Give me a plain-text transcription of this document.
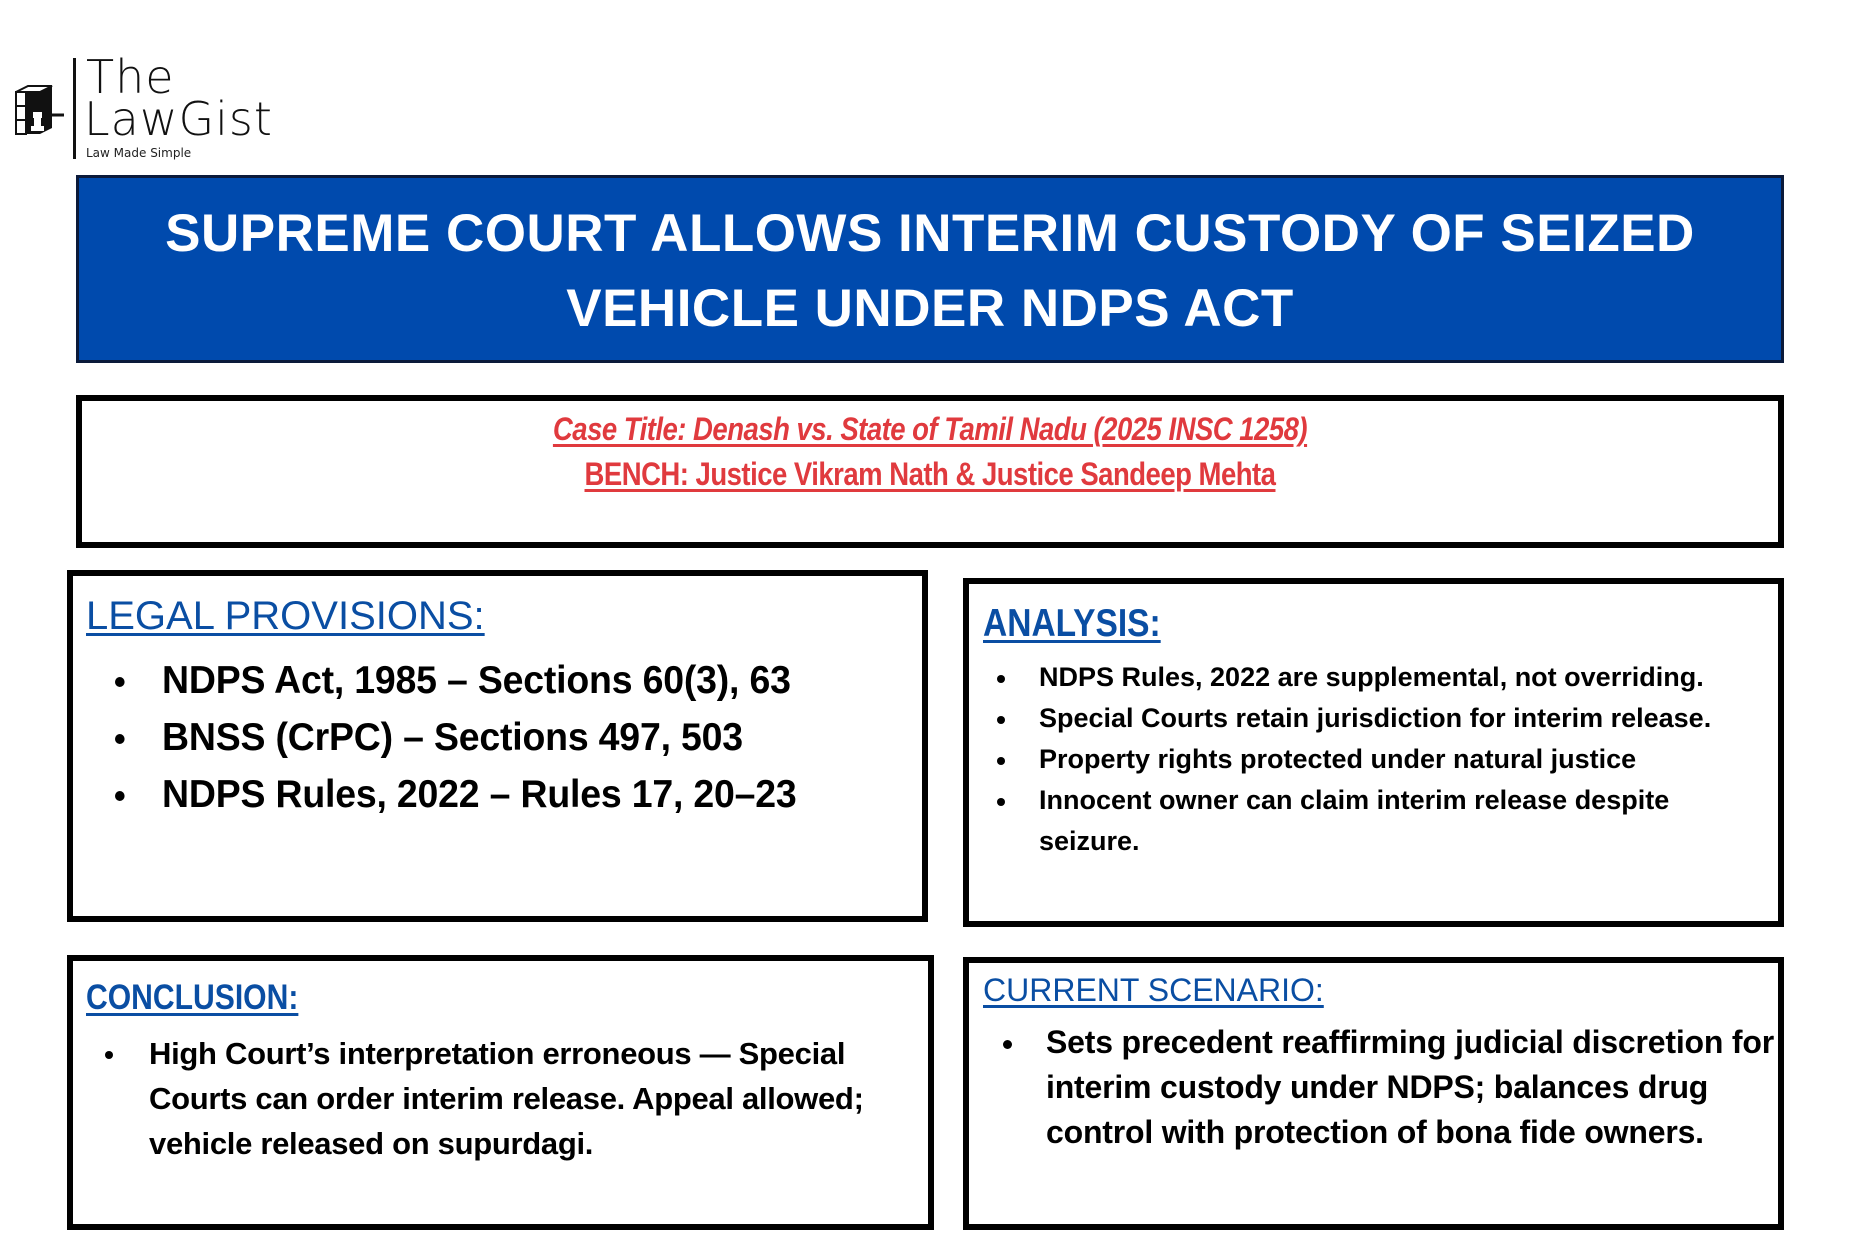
The
LawGist
Law Made Simple
SUPREME COURT ALLOWS INTERIM CUSTODY OF SEIZED
VEHICLE UNDER NDPS ACT
Case Title: Denash vs. State of Tamil Nadu (2025 INSC 1258)
BENCH: Justice Vikram Nath & Justice Sandeep Mehta
LEGAL PROVISIONS:
NDPS Act, 1985 – Sections 60(3), 63
BNSS (CrPC) – Sections 497, 503
NDPS Rules, 2022 – Rules 17, 20–23
ANALYSIS:
NDPS Rules, 2022 are supplemental, not overriding.
Special Courts retain jurisdiction for interim release.
Property rights protected under natural justice
Innocent owner can claim interim release despite seizure.
CONCLUSION:
High Court’s interpretation erroneous — Special Courts can order interim release. Appeal allowed; vehicle released on supurdagi.
CURRENT SCENARIO:
Sets precedent reaffirming judicial discretion for interim custody under NDPS; balances drug control with protection of bona fide owners.
